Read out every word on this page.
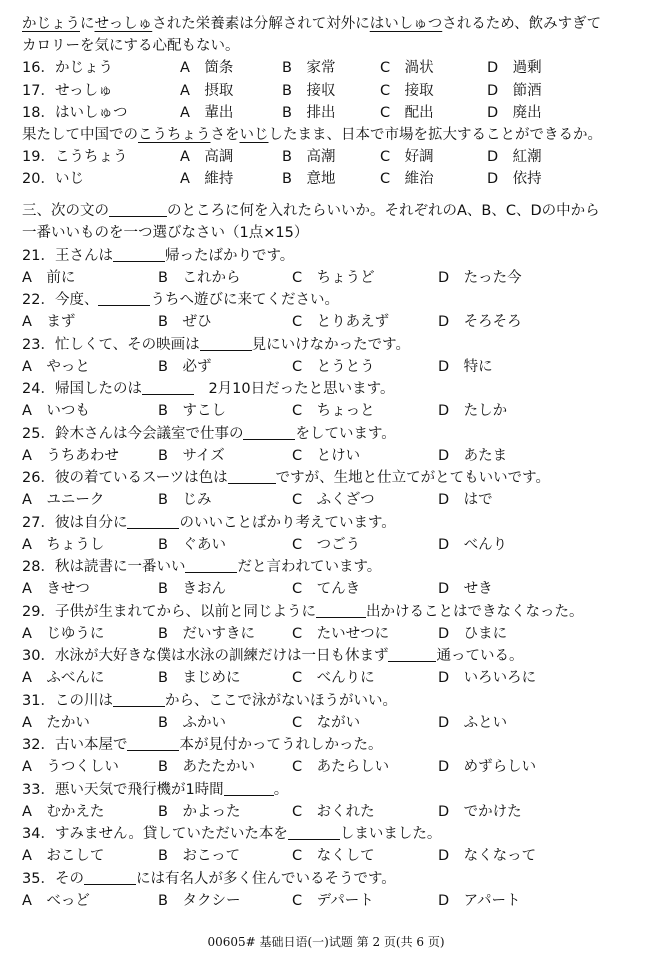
かじょうにせっしゅされた栄養素は分解されて対外にはいしゅつされるため、飲みすぎて
カロリーを気にする心配もない。
16．かじょう	A　箇条	B　家常	C　渦状	D　過剰
17．せっしゅ	A　摂取	B　接収	C　接取	D　節酒
18．はいしゅつ	A　輩出	B　排出	C　配出	D　廃出
果たして中国でのこうちょうさをいじしたまま、日本で市場を拡大することができるか。
19．こうちょう	A　高調	B　高潮	C　好調	D　紅潮
20．いじ	A　維持	B　意地	C　維治	D　依持
三、次の文の	のところに何を入れたらいいか。それぞれのA、B、C、Dの中から
一番いいものを一つ選びなさい（1点×15）
21．王さんは	帰ったばかりです。
A　前に	B　これから	C　ちょうど	D　たった今
22．今度、	うちへ遊びに来てください。
A　まず	B　ぜひ	C　とりあえず	D　そろそろ
23．忙しくて、その映画は	見にいけなかったです。
A　やっと	B　必ず	C　とうとう	D　特に
24．帰国したのは	　2月10日だったと思います。
A　いつも	B　すこし	C　ちょっと	D　たしか
25．鈴木さんは今会議室で仕事の	をしています。
A　うちあわせ	B　サイズ	C　とけい	D　あたま
26．彼の着ているスーツは色は	ですが、生地と仕立てがとてもいいです。
A　ユニーク	B　じみ	C　ふくざつ	D　はで
27．彼は自分に	のいいことばかり考えています。
A　ちょうし	B　ぐあい	C　つごう	D　べんり
28．秋は読書に一番いい	だと言われています。
A　きせつ	B　きおん	C　てんき	D　せき
29．子供が生まれてから、以前と同じように	出かけることはできなくなった。
A　じゆうに	B　だいすきに	C　たいせつに	D　ひまに
30．水泳が大好きな僕は水泳の訓練だけは一日も休まず	通っている。
A　ふべんに	B　まじめに	C　べんりに	D　いろいろに
31．この川は	から、ここで泳がないほうがいい。
A　たかい	B　ふかい	C　ながい	D　ふとい
32．古い本屋で	本が見付かってうれしかった。
A　うつくしい	B　あたたかい	C　あたらしい	D　めずらしい
33．悪い天気で飛行機が1時間	。
A　むかえた	B　かよった	C　おくれた	D　でかけた
34．すみません。貸していただいた本を	しまいました。
A　おこして	B　おこって	C　なくして	D　なくなって
35．その	には有名人が多く住んでいるそうです。
00605# 基础日语(一)试题 第 2 页(共 6 页)
A　べっど	B　タクシー	C　デパート	D　アパート
